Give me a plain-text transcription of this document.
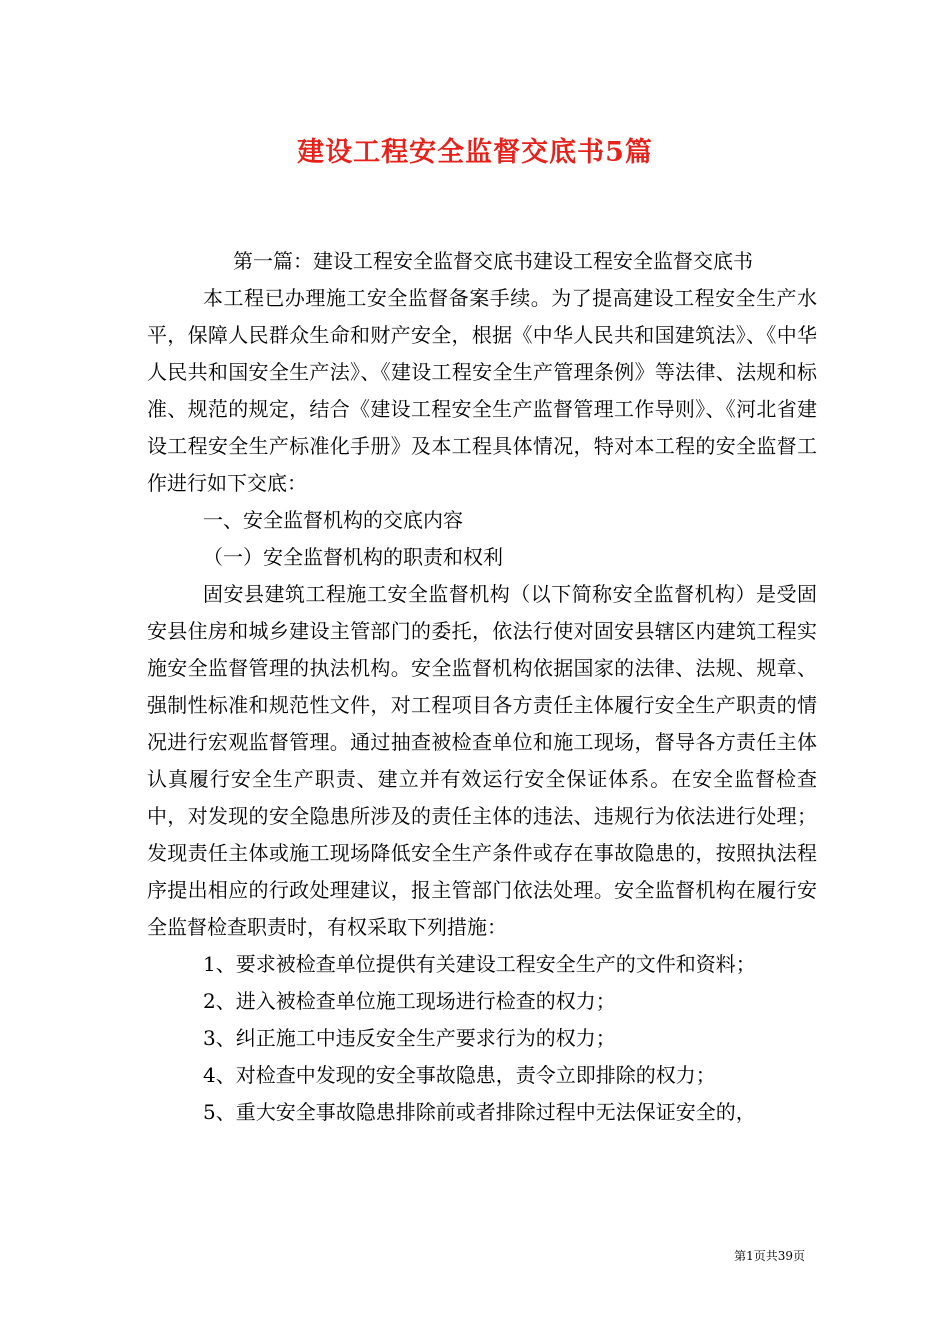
建设工程安全监督交底书5篇

第一篇：建设工程安全监督交底书建设工程安全监督交底书

本工程已办理施工安全监督备案手续。为了提高建设工程安全生产水平，保障人民群众生命和财产安全，根据《中华人民共和国建筑法》、《中华人民共和国安全生产法》、《建设工程安全生产管理条例》等法律、法规和标准、规范的规定，结合《建设工程安全生产监督管理工作导则》、《河北省建设工程安全生产标准化手册》及本工程具体情况，特对本工程的安全监督工作进行如下交底：

一、安全监督机构的交底内容

（一）安全监督机构的职责和权利

固安县建筑工程施工安全监督机构（以下简称安全监督机构）是受固安县住房和城乡建设主管部门的委托，依法行使对固安县辖区内建筑工程实施安全监督管理的执法机构。安全监督机构依据国家的法律、法规、规章、强制性标准和规范性文件，对工程项目各方责任主体履行安全生产职责的情况进行宏观监督管理。通过抽查被检查单位和施工现场，督导各方责任主体认真履行安全生产职责、建立并有效运行安全保证体系。在安全监督检查中，对发现的安全隐患所涉及的责任主体的违法、违规行为依法进行处理；发现责任主体或施工现场降低安全生产条件或存在事故隐患的，按照执法程序提出相应的行政处理建议，报主管部门依法处理。安全监督机构在履行安全监督检查职责时，有权采取下列措施：

1、要求被检查单位提供有关建设工程安全生产的文件和资料；

2、进入被检查单位施工现场进行检查的权力；

3、纠正施工中违反安全生产要求行为的权力；

4、对检查中发现的安全事故隐患，责令立即排除的权力；

5、重大安全事故隐患排除前或者排除过程中无法保证安全的，

第1页共39页
